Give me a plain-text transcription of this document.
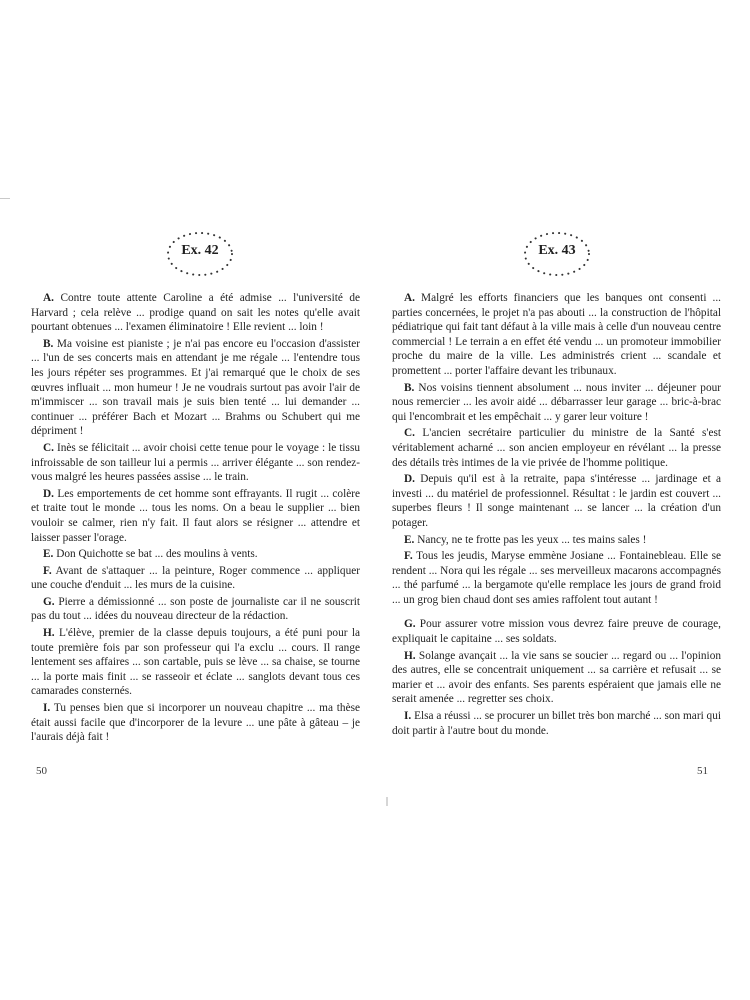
Ex. 42

A. Contre toute attente Caroline a été admise ... l'université de Harvard ; cela relève ... prodige quand on sait les notes qu'elle avait pourtant obtenues ... l'examen éliminatoire ! Elle revient ... loin !

B. Ma voisine est pianiste ; je n'ai pas encore eu l'occasion d'assister ... l'un de ses concerts mais en attendant je me régale ... l'entendre tous les jours répéter ses programmes. Et j'ai remarqué que le choix de ses œuvres influait ... mon humeur ! Je ne voudrais surtout pas avoir l'air de m'immiscer ... son travail mais je suis bien tenté ... lui demander ... continuer ... préférer Bach et Mozart ... Brahms ou Schubert qui me dépriment !

C. Inès se félicitait ... avoir choisi cette tenue pour le voyage : le tissu infroissable de son tailleur lui a permis ... arriver élégante ... son rendez-vous malgré les heures passées assise ... le train.

D. Les emportements de cet homme sont effrayants. Il rugit ... colère et traite tout le monde ... tous les noms. On a beau le supplier ... bien vouloir se calmer, rien n'y fait. Il faut alors se résigner ... attendre et laisser passer l'orage.

E. Don Quichotte se bat ... des moulins à vents.

F. Avant de s'attaquer ... la peinture, Roger commence ... appliquer une couche d'enduit ... les murs de la cuisine.

G. Pierre a démissionné ... son poste de journaliste car il ne souscrit pas du tout ... idées du nouveau directeur de la rédaction.

H. L'élève, premier de la classe depuis toujours, a été puni pour la toute première fois par son professeur qui l'a exclu ... cours. Il range lentement ses affaires ... son cartable, puis se lève ... sa chaise, se tourne ... la porte mais finit ... se rasseoir et éclate ... sanglots devant tous ces camarades consternés.

I. Tu penses bien que si incorporer un nouveau chapitre ... ma thèse était aussi facile que d'incorporer de la levure ... une pâte à gâteau – je l'aurais déjà fait !

50
Ex. 43

A. Malgré les efforts financiers que les banques ont consenti ... parties concernées, le projet n'a pas abouti ... la construction de l'hôpital pédiatrique qui fait tant défaut à la ville mais à celle d'un nouveau centre commercial ! Le terrain a en effet été vendu ... un promoteur immobilier proche du maire de la ville. Les administrés crient ... scandale et promettent ... porter l'affaire devant les tribunaux.

B. Nos voisins tiennent absolument ... nous inviter ... déjeuner pour nous remercier ... les avoir aidé ... débarrasser leur garage ... bric-à-brac qui l'encombrait et les empêchait ... y garer leur voiture !

C. L'ancien secrétaire particulier du ministre de la Santé s'est véritablement acharné ... son ancien employeur en révélant ... la presse des détails très intimes de la vie privée de l'homme politique.

D. Depuis qu'il est à la retraite, papa s'intéresse ... jardinage et a investi ... du matériel de professionnel. Résultat : le jardin est couvert ... superbes fleurs ! Il songe maintenant ... se lancer ... la création d'un potager.

E. Nancy, ne te frotte pas les yeux ... tes mains sales !

F. Tous les jeudis, Maryse emmène Josiane ... Fontainebleau. Elle se rendent ... Nora qui les régale ... ses merveilleux macarons accompagnés ... thé parfumé ... la bergamote qu'elle remplace les jours de grand froid ... un grog bien chaud dont ses amies raffolent tout autant !

G. Pour assurer votre mission vous devrez faire preuve de courage, expliquait le capitaine ... ses soldats.

H. Solange avançait ... la vie sans se soucier ... regard ou ... l'opinion des autres, elle se concentrait uniquement ... sa carrière et refusait ... se marier et ... avoir des enfants. Ses parents espéraient que jamais elle ne serait amenée ... regretter ses choix.

I. Elsa a réussi ... se procurer un billet très bon marché ... son mari qui doit partir à l'autre bout du monde.

51
